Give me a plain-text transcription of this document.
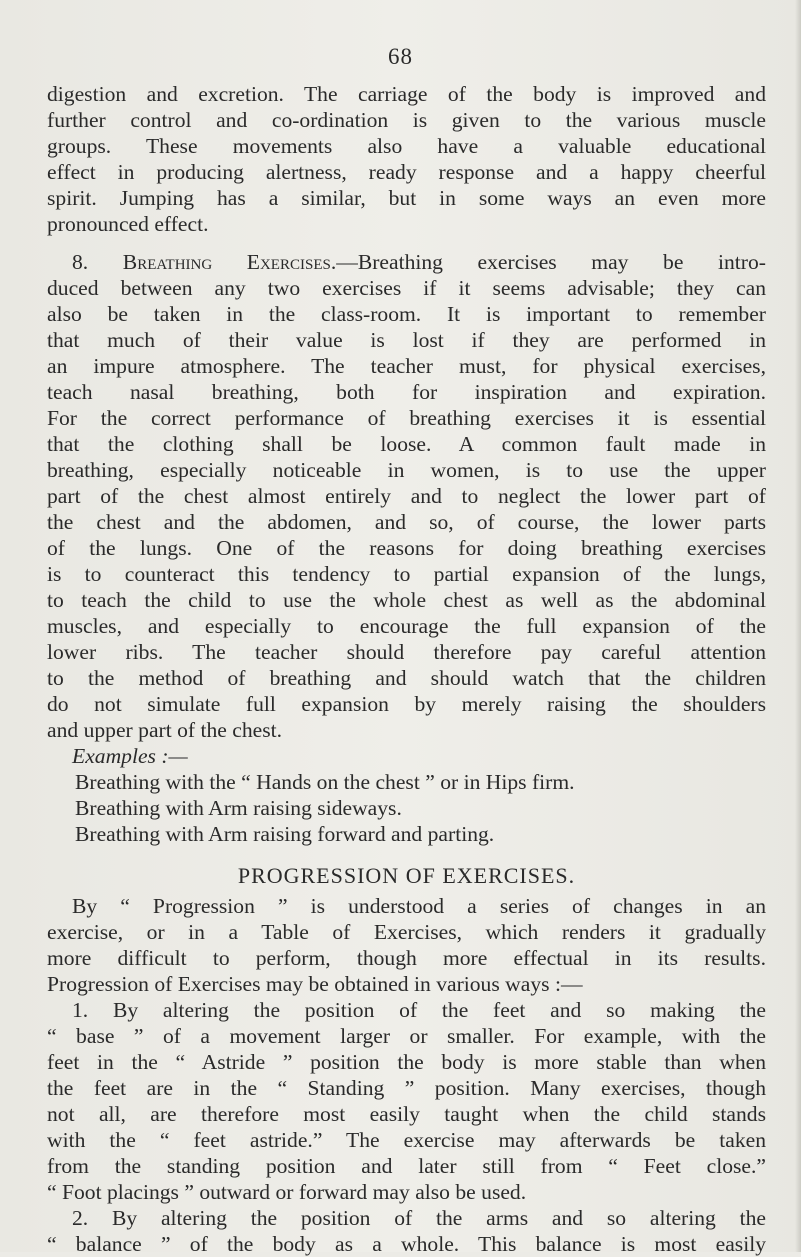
68
digestion and excretion. The carriage of the body is improved and
further control and co-ordination is given to the various muscle
groups. These movements also have a valuable educational
effect in producing alertness, ready response and a happy cheerful
spirit. Jumping has a similar, but in some ways an even more
pronounced effect.
8. Breathing Exercises.—Breathing exercises may be intro-
duced between any two exercises if it seems advisable; they can
also be taken in the class-room. It is important to remember
that much of their value is lost if they are performed in
an impure atmosphere. The teacher must, for physical exercises,
teach nasal breathing, both for inspiration and expiration.
For the correct performance of breathing exercises it is essential
that the clothing shall be loose. A common fault made in
breathing, especially noticeable in women, is to use the upper
part of the chest almost entirely and to neglect the lower part of
the chest and the abdomen, and so, of course, the lower parts
of the lungs. One of the reasons for doing breathing exercises
is to counteract this tendency to partial expansion of the lungs,
to teach the child to use the whole chest as well as the abdominal
muscles, and especially to encourage the full expansion of the
lower ribs. The teacher should therefore pay careful attention
to the method of breathing and should watch that the children
do not simulate full expansion by merely raising the shoulders
and upper part of the chest.
Examples :—
Breathing with the “ Hands on the chest ” or in Hips firm.
Breathing with Arm raising sideways.
Breathing with Arm raising forward and parting.
PROGRESSION OF EXERCISES.
By “ Progression ” is understood a series of changes in an
exercise, or in a Table of Exercises, which renders it gradually
more difficult to perform, though more effectual in its results.
Progression of Exercises may be obtained in various ways :—
1. By altering the position of the feet and so making the
“ base ” of a movement larger or smaller. For example, with the
feet in the “ Astride ” position the body is more stable than when
the feet are in the “ Standing ” position. Many exercises, though
not all, are therefore most easily taught when the child stands
with the “ feet astride.” The exercise may afterwards be taken
from the standing position and later still from “ Feet close.”
“ Foot placings ” outward or forward may also be used.
2. By altering the position of the arms and so altering the
“ balance ” of the body as a whole. This balance is most easily
